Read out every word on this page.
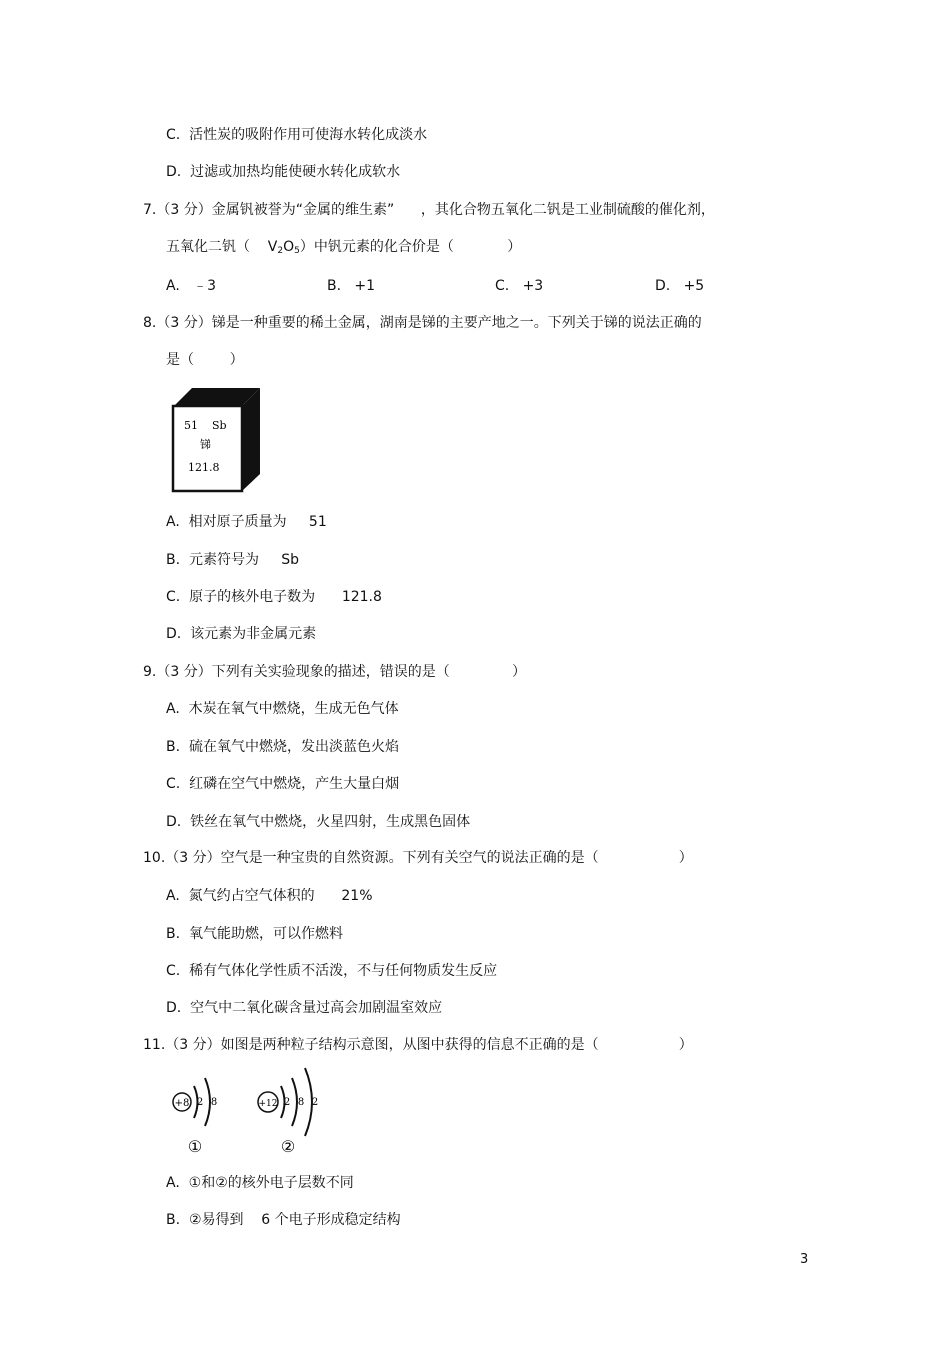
C.  活性炭的吸附作用可使海水转化成淡水
D.  过滤或加热均能使硬水转化成软水
7.（3 分）金属钒被誉为“金属的维生素”      ，其化合物五氧化二钒是工业制硫酸的催化剂，
五氧化二钒（    $V_2O_5$）中钒元素的化合价是（            ）
A.   ﹣3	B.   +1	C.   +3	D.   +5
8.（3 分）锑是一种重要的稀土金属，湖南是锑的主要产地之一。下列关于锑的说法正确的
是（        ）
51 Sb
锑
121.8
A.  相对原子质量为     51
B.  元素符号为     Sb
C.  原子的核外电子数为      121.8
D.  该元素为非金属元素
9.（3 分）下列有关实验现象的描述，错误的是（              ）
A.  木炭在氧气中燃烧，生成无色气体
B.  硫在氧气中燃烧，发出淡蓝色火焰
C.  红磷在空气中燃烧，产生大量白烟
D.  铁丝在氧气中燃烧，火星四射，生成黑色固体
10.（3 分）空气是一种宝贵的自然资源。下列有关空气的说法正确的是（                  ）
A.  氮气约占空气体积的      21%
B.  氧气能助燃，可以作燃料
C.  稀有气体化学性质不活泼，不与任何物质发生反应
D.  空气中二氧化碳含量过高会加剧温室效应
11.（3 分）如图是两种粒子结构示意图，从图中获得的信息不正确的是（                  ）
+8 2 8
①
+12 2 8 2
②
A.  ①和②的核外电子层数不同
B.  ②易得到    6 个电子形成稳定结构
3
